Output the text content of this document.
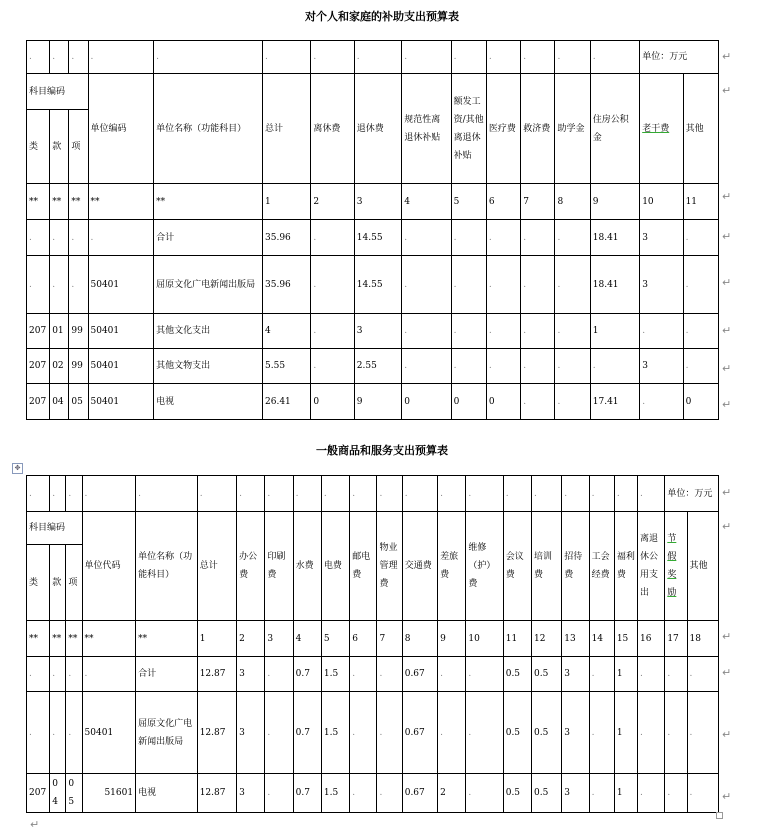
对个人和家庭的补助支出预算表
.	.	.	.	.	.	.	.	.	.	.	.	.	.	单位：万元	
科目编码			单位编码	单位名称（功能科目）	总计	离休费	退休费	规范性离退休补贴	额发工资/其他离退休补贴	医疗费	救济费	助学金	住房公积金	老干费	其他
类	款	项													
**	**	**	**	**	1	2	3	4	5	6	7	8	9	10	11
.	.	.	.	合计	35.96	.	14.55	.	.	.	.	.	18.41	3	.
.	.	.	50401	屈原文化广电新闻出版局	35.96	.	14.55	.	.	.	.	.	18.41	3	.
207	01	99	50401	其他文化支出	4	.	3	.	.	.	.	.	1	.	.
207	02	99	50401	其他文物支出	5.55	.	2.55	.	.	.	.	.	.	3	.
207	04	05	50401	电视	26.41	0	9	0	0	0	.	.	17.41	.	0
一般商品和服务支出预算表
✥
.	.	.	.	.	.	.	.	.	.	.	.	.	.	.	.	.	.	.	.	.	单位：万元	
科目编码			单位代码	单位名称（功能科目）	总计	办公费	印刷费	水费	电费	邮电费	物业管理费	交通费	差旅费	维修（护）费	会议费	培训费	招待费	工会经费	福利费	离退休公用支出	节假奖励	其他
类	款	项																				
**	**	**	**	**	1	2	3	4	5	6	7	8	9	10	11	12	13	14	15	16	17	18
.	.	.	.	合计	12.87	3	.	0.7	1.5	.	.	0.67	.	.	0.5	0.5	3	.	1	.	.	.
.	.	.	50401	屈原文化广电新闻出版局	12.87	3	.	0.7	1.5	.	.	0.67	.	.	0.5	0.5	3	.	1	.	.	.
207	04	05	51601	电视	12.87	3	.	0.7	1.5	.	.	0.67	2	.	0.5	0.5	3	.	1	.	.	.
↵
↵
↵
↵
↵
↵
↵
↵
↵
↵
↵
↵
↵
↵
↵
